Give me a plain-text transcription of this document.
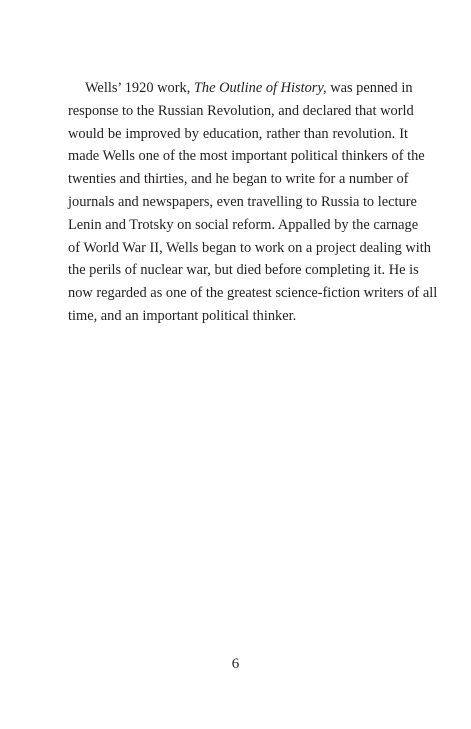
Wells’ 1920 work, The Outline of History, was penned in
response to the Russian Revolution, and declared that world
would be improved by education, rather than revolution. It
made Wells one of the most important political thinkers of the
twenties and thirties, and he began to write for a number of
journals and newspapers, even travelling to Russia to lecture
Lenin and Trotsky on social reform. Appalled by the carnage
of World War II, Wells began to work on a project dealing with
the perils of nuclear war, but died before completing it. He is
now regarded as one of the greatest science-fiction writers of all
time, and an important political thinker.
6
